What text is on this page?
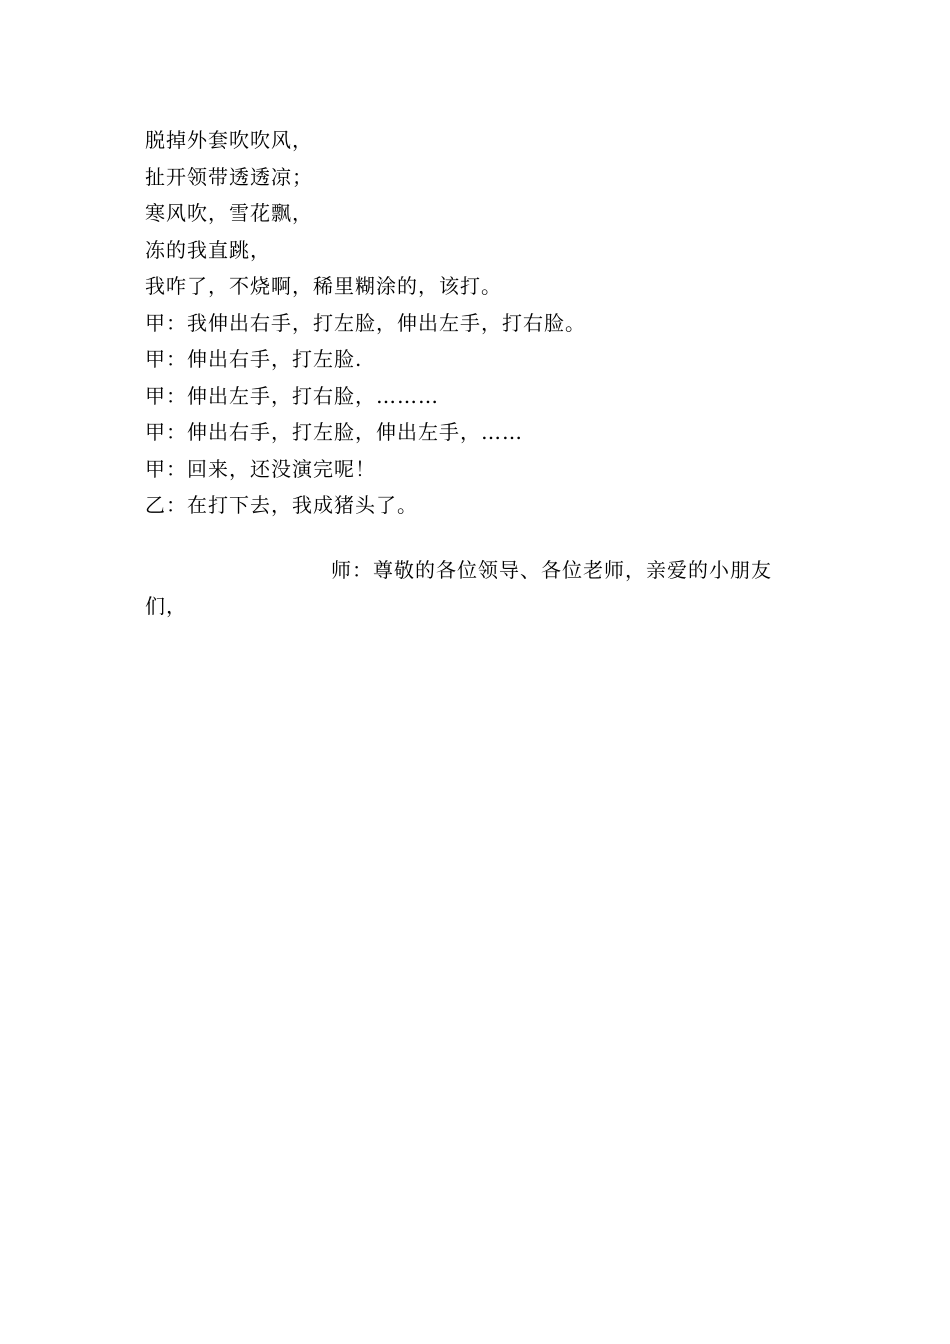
脱掉外套吹吹风，
扯开领带透透凉；
寒风吹，雪花飘，
冻的我直跳，
我咋了，不烧啊，稀里糊涂的，该打。
甲：我伸出右手，打左脸，伸出左手，打右脸。
甲：伸出右手，打左脸.
甲：伸出左手，打右脸，………
甲：伸出右手，打左脸，伸出左手，……
甲：回来，还没演完呢！
乙：在打下去，我成猪头了。
师：尊敬的各位领导、各位老师，亲爱的小朋友
们，
